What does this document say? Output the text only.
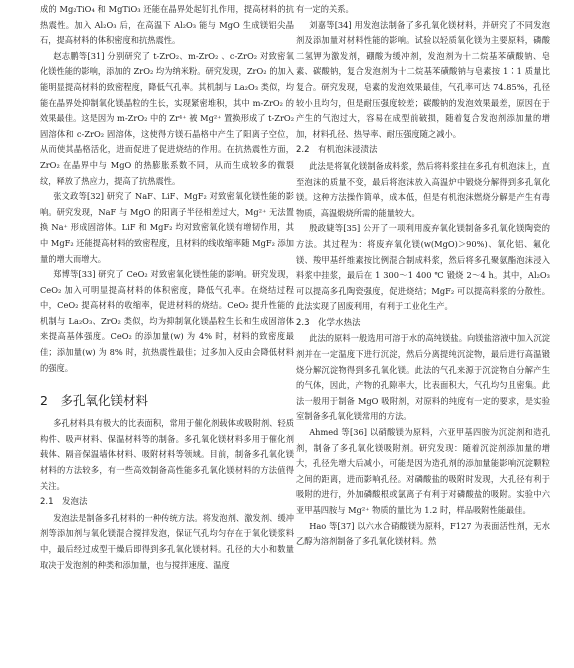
成的 Mg₂TiO₄ 和 MgTiO₃ 还能在晶界处起钉扎作用，提高材料的抗热震性。加入 Al₂O₃ 后，在高温下 Al₂O₃ 能与 MgO 生成镁铝尖晶石，提高材料的体积密度和抗热震性。

赵志鹏等[31] 分别研究了 t-ZrO₂、m-ZrO₂ 、c-ZrO₂ 对致密氧化镁性能的影响，添加的 ZrO₂ 均为纳米粉。研究发现，ZrO₂ 的加入能明显提高材料的致密程度，降低气孔率。其机制与 La₂O₃ 类似，均能在晶界处抑制氧化镁晶粒的生长，实现紧密堆积，其中 m-ZrO₂ 的效果最佳。这是因为 m-ZrO₂ 中的 Zr⁴⁺ 被 Mg²⁺ 置换形成了 t-ZrO₂ 固溶体和 c-ZrO₂ 固溶体，这使得方镁石晶格中产生了阳离子空位，从而使其晶格活化，进而促进了促进烧结的作用。在抗热震性方面，ZrO₂ 在晶界中与 MgO 的热膨胀系数不同，从而生成较多的微裂纹，释放了热应力，提高了抗热震性。

张文政等[32] 研究了 NaF、LiF、MgF₂ 对致密氧化镁性能的影响。研究发现，NaF 与 MgO 的阳离子半径相差过大，Mg²⁺ 无法置换 Na⁺ 形成固溶体。LiF 和 MgF₂ 均对致密氧化镁有增韧作用，其中 MgF₂ 还能提高材料的致密程度，且材料的线收缩率随 MgF₂ 添加量的增大而增大。

郑博等[33] 研究了 CeO₂ 对致密氧化镁性能的影响。研究发现，CeO₂ 加入可明显提高材料的体积密度，降低气孔率。在烧结过程中，CeO₂ 提高材料的收缩率，促进材料的烧结。CeO₂ 提升性能的机制与 La₂O₃、ZrO₂ 类似，均为抑制氧化镁晶粒生长和生成固溶体来提高基体强度。CeO₂ 的添加量(w) 为 4% 时，材料的致密度最佳；添加量(w) 为 8% 时，抗热震性最佳；过多加入反由会降低材料的强度。

2　多孔氧化镁材料

多孔材料具有极大的比表面积，常用于催化剂载体或吸附剂、轻质构件、吸声材料、保温材料等的制备。多孔氧化镁材料多用于催化剂载体、隔音保温墙体材料、吸附材料等领域。目前，制备多孔氧化镁材料的方法较多，有一些高效制备高性能多孔氧化镁材料的方法值得关注。

2.1　发泡法

发泡法是制备多孔材料的一种传统方法。将发泡剂、激发剂、缓冲剂等添加剂与氧化镁混合搅拌发泡，保证气孔均匀存在于氧化镁浆料中，最后经过成型干燥后即得到多孔氧化镁材料。孔径的大小和数量取决于发泡剂的种类和添加量，也与搅拌速度、温度

有一定的关系。

刘嘉等[34] 用发泡法制备了多孔氧化镁材料，并研究了不同发泡剂及添加量对材料性能的影响。试验以轻质氧化镁为主要原料，磷酸二氢钾为激发剂，硼酸为缓冲剂，发泡剂为十二烷基苯磺酸钠、皂素、碳酸钠，复合发泡剂为十二烷基苯磺酸钠与皂素按 1∶1 质量比复合。研究发现，皂素的发泡效果最佳，气孔率可达 74.85%，孔径较小且均匀，但是耐压强度较差；碳酸钠的发泡效果最差，原因在于产生的气泡过大，容易在成型前破损，随着复合发泡剂添加量的增加，材料孔径、热导率、耐压强度随之减小。

2.2　有机泡沫浸渍法

此法是将氧化镁制备成料浆，然后将料浆挂在多孔有机泡沫上，直至泡沫的质量不变，最后将泡沫放入高温炉中锻烧分解得到多孔氧化镁。这种方法操作简单，成本低，但是有机泡沫燃烧分解是产生有毒物质，高温煅烧所需的能量较大。

殷政婕等[35] 公开了一项利用废弃氧化镁制备多孔氧化镁陶瓷的方法。其过程为：将废弃氧化镁(w(MgO)＞90%)、氧化铝、氟化镁、羧甲基纤维素按比例混合制成料浆，然后将多孔聚氨酯泡沫浸入料浆中挂浆，最后在 1 300～1 400 ℃ 锻烧 2～4 h。其中，Al₂O₃ 可以提高多孔陶瓷强度，促进烧结；MgF₂ 可以提高料浆的分散性。此法实现了固废利用，有利于工业化生产。

2.3　化学水热法

此法的原料一般选用可溶于水的高纯镁盐。向镁盐溶液中加入沉淀剂并在一定温度下进行沉淀，然后分离提纯沉淀物，最后进行高温锻烧分解沉淀物得到多孔氧化镁。此法的气孔来源于沉淀物自分解产生的气体，因此，产物的孔隙率大，比表面积大，气孔均匀且密集。此法一般用于制备 MgO 吸附剂，对原料的纯度有一定的要求，是实验室制备多孔氧化镁常用的方法。

Ahmed 等[36] 以硝酸镁为原料，六亚甲基四胺为沉淀剂和造孔剂，制备了多孔氧化镁吸附剂。研究发现：随着沉淀剂添加量的增大，孔径先增大后减小，可能是因为造孔剂的添加量能影响沉淀颗粒之间的距离，进而影响孔径。对磷酸盐的吸附时发现，大孔径有利于吸附的进行，外加磷酸根或氯离子有利于对磷酸盐的吸附。实验中六亚甲基四胺与 Mg²⁺ 物质的量比为 1.2 时，样品吸附性能最佳。

Hao 等[37] 以六水合硝酸镁为原料，F127 为表面活性剂，无水乙醇为溶剂制备了多孔氧化镁材料。然
